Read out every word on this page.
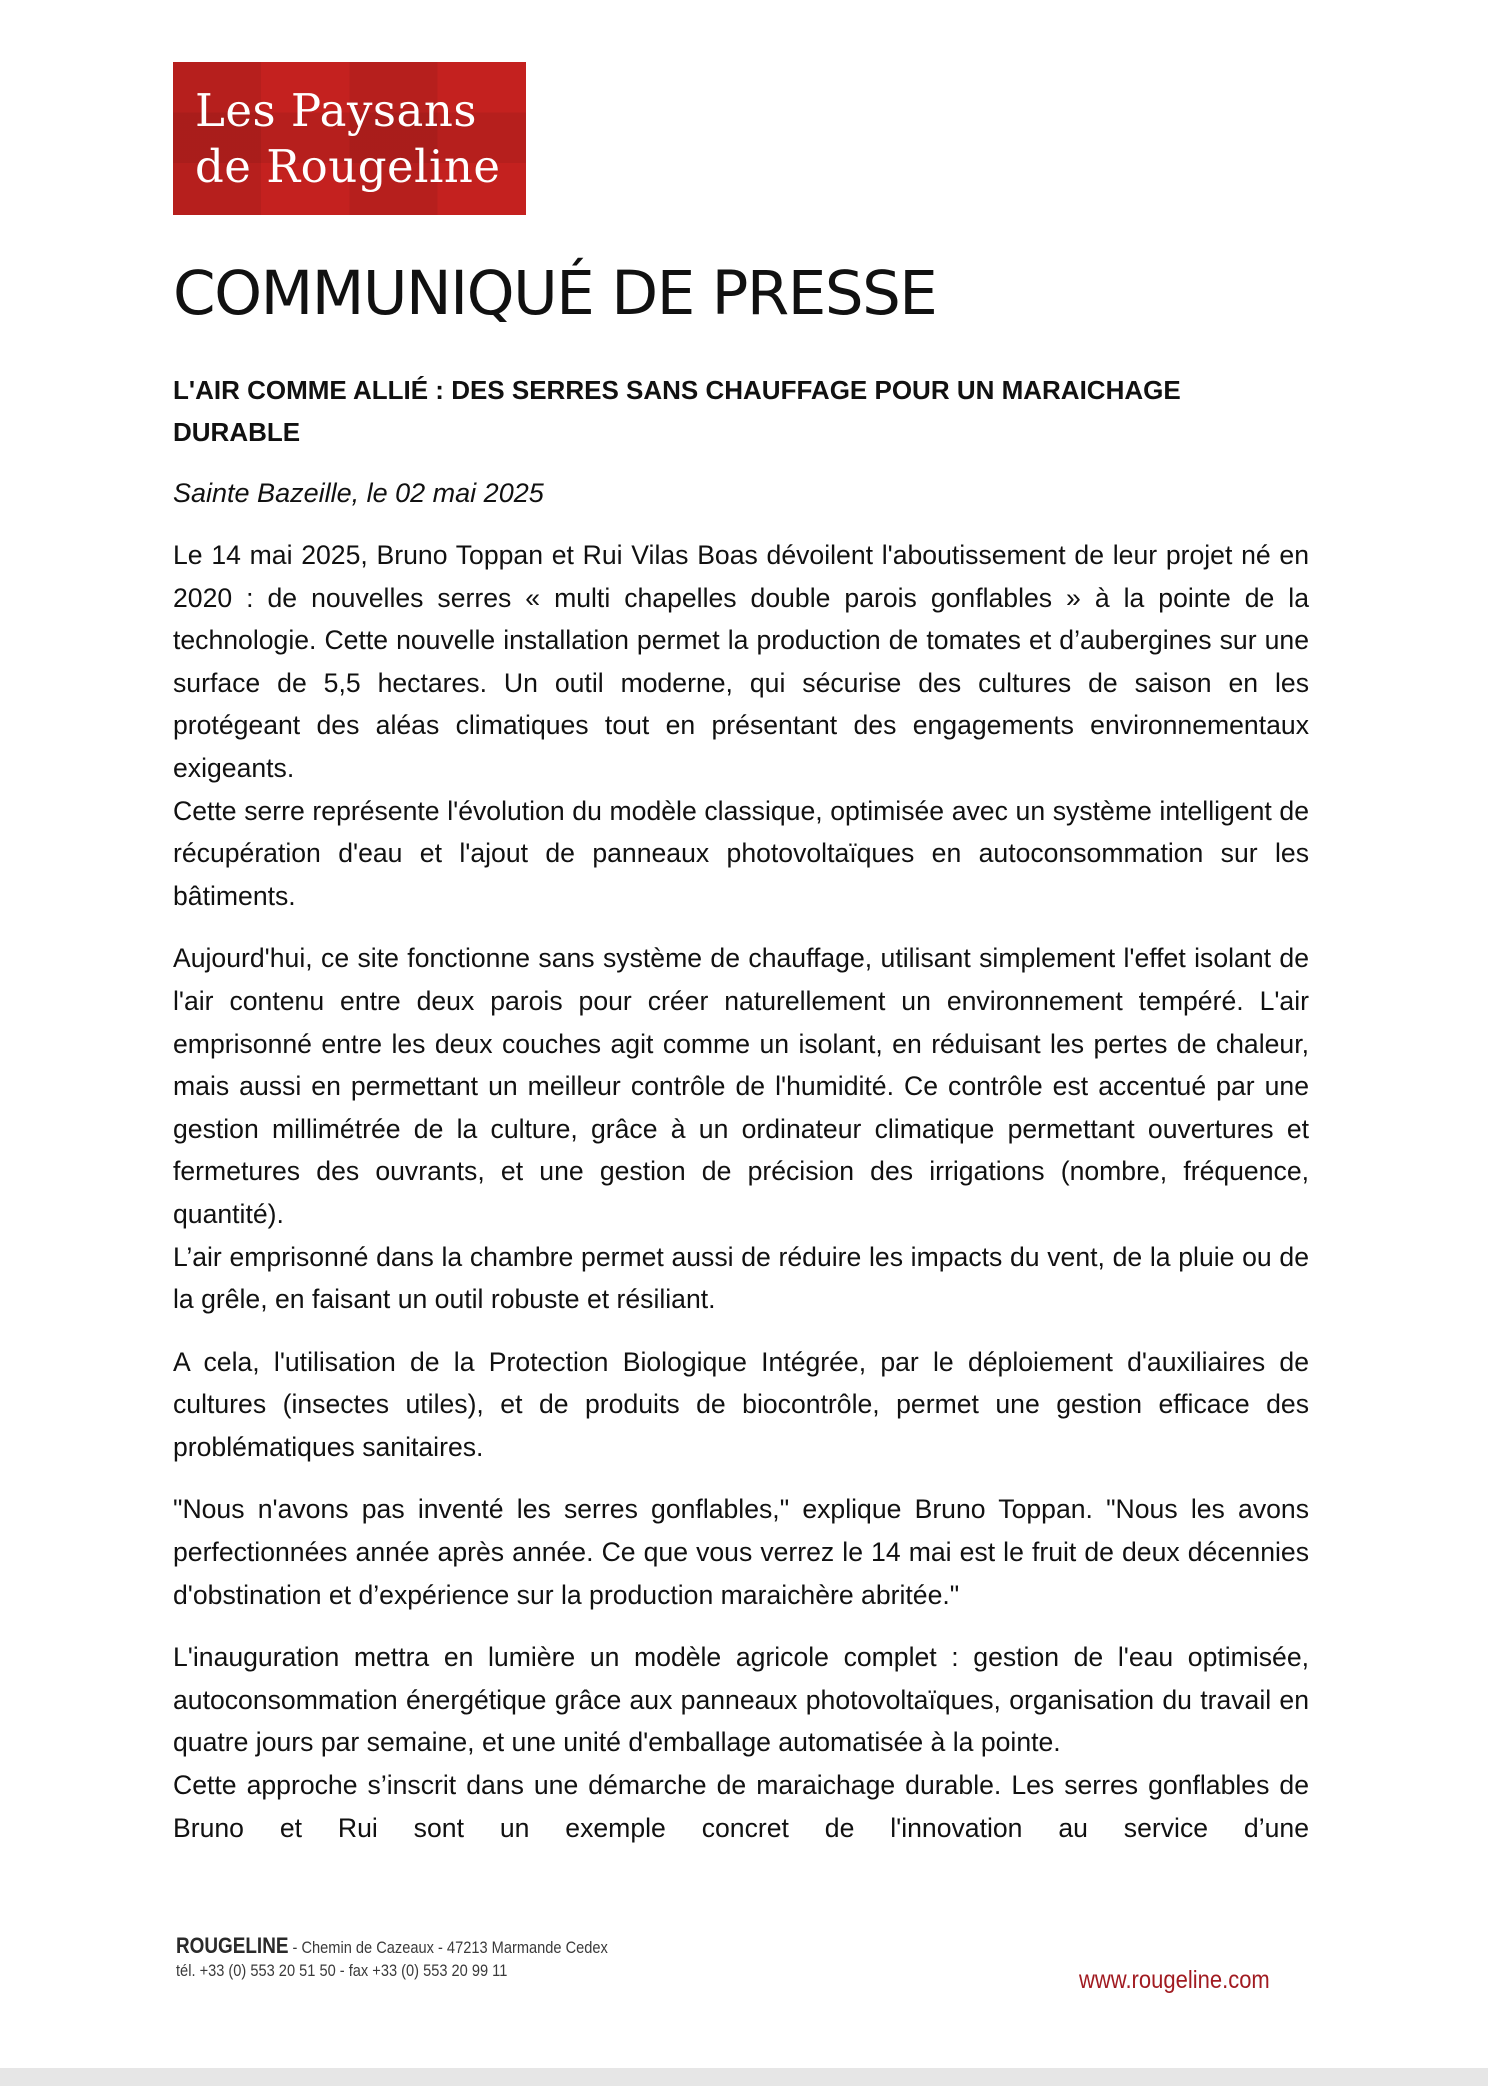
Les Paysans
de Rougeline
COMMUNIQUÉ DE PRESSE
L'AIR COMME ALLIÉ : DES SERRES SANS CHAUFFAGE POUR UN MARAICHAGE DURABLE

Sainte Bazeille, le 02 mai 2025

Le 14 mai 2025, Bruno Toppan et Rui Vilas Boas dévoilent l'aboutissement de leur projet né en 2020 : de nouvelles serres « multi chapelles double parois gonflables » à la pointe de la technologie. Cette nouvelle installation permet la production de tomates et d’aubergines sur une surface de 5,5 hectares. Un outil moderne, qui sécurise des cultures de saison en les protégeant des aléas climatiques tout en présentant des engagements environnementaux exigeants.

Cette serre représente l'évolution du modèle classique, optimisée avec un système intelligent de récupération d'eau et l'ajout de panneaux photovoltaïques en autoconsommation sur les bâtiments.

Aujourd'hui, ce site fonctionne sans système de chauffage, utilisant simplement l'effet isolant de l'air contenu entre deux parois pour créer naturellement un environnement tempéré. L'air emprisonné entre les deux couches agit comme un isolant, en réduisant les pertes de chaleur, mais aussi en permettant un meilleur contrôle de l'humidité. Ce contrôle est accentué par une gestion millimétrée de la culture, grâce à un ordinateur climatique permettant ouvertures et fermetures des ouvrants, et une gestion de précision des irrigations (nombre, fréquence, quantité).

L’air emprisonné dans la chambre permet aussi de réduire les impacts du vent, de la pluie ou de la grêle, en faisant un outil robuste et résiliant.

A cela, l'utilisation de la Protection Biologique Intégrée, par le déploiement d'auxiliaires de cultures (insectes utiles), et de produits de biocontrôle, permet une gestion efficace des problématiques sanitaires.

"Nous n'avons pas inventé les serres gonflables," explique Bruno Toppan. "Nous les avons perfectionnées année après année. Ce que vous verrez le 14 mai est le fruit de deux décennies d'obstination et d’expérience sur la production maraichère abritée."

L'inauguration mettra en lumière un modèle agricole complet : gestion de l'eau optimisée, autoconsommation énergétique grâce aux panneaux photovoltaïques, organisation du travail en quatre jours par semaine, et une unité d'emballage automatisée à la pointe.

Cette approche s’inscrit dans une démarche de maraichage durable. Les serres gonflables de Bruno et Rui sont un exemple concret de l'innovation au service d’une

ROUGELINE - Chemin de Cazeaux - 47213 Marmande Cedex
tél. +33 (0) 553 20 51 50 - fax +33 (0) 553 20 99 11	www.rougeline.com
